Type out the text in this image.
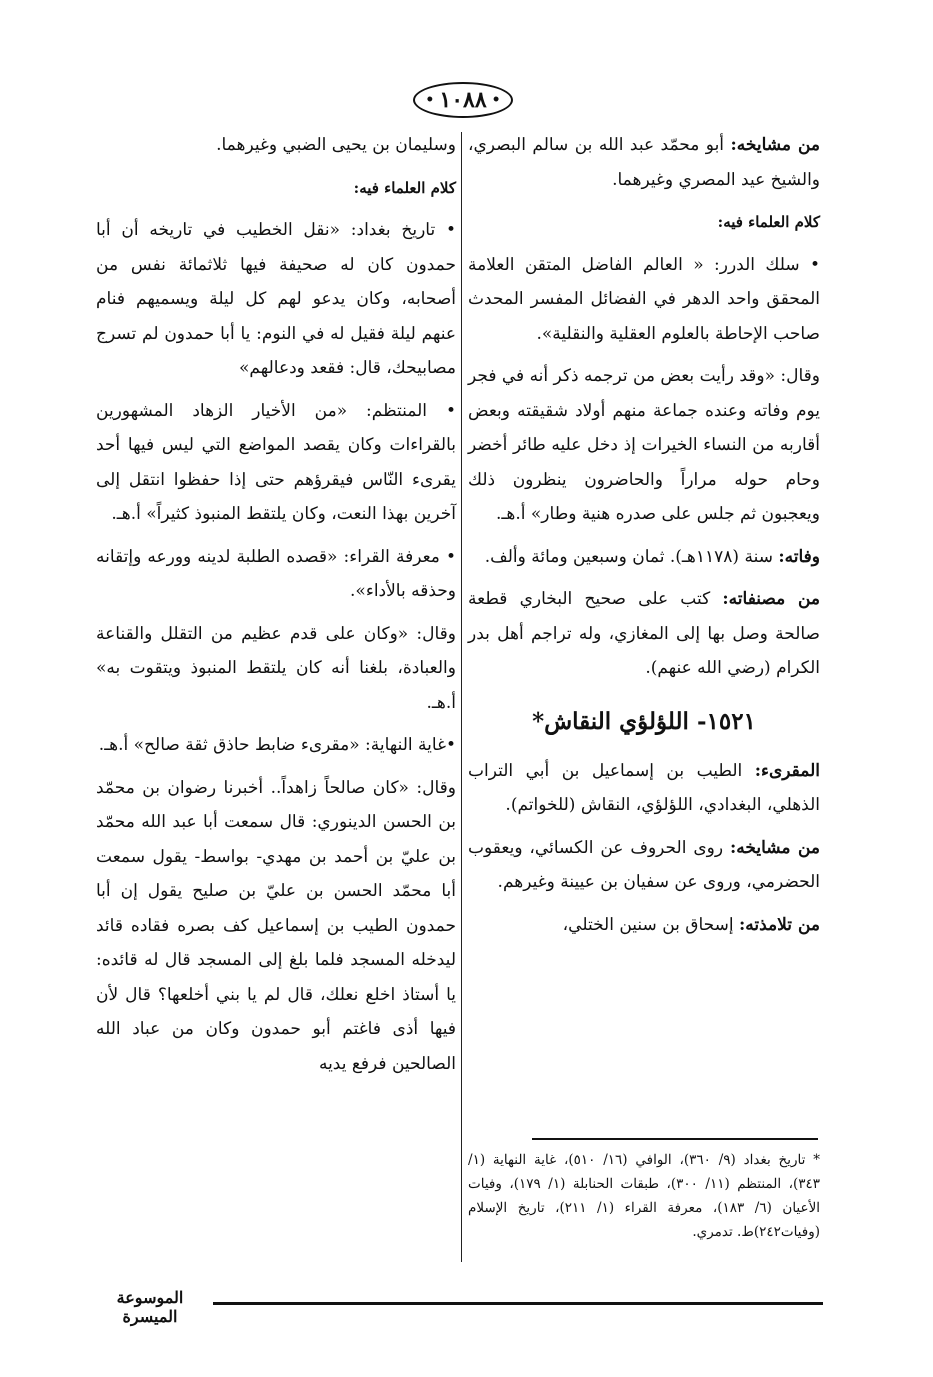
• ١٠٨٨
•

من مشايخه: أبو محمّد عبد الله بن سالم البصري، والشيخ عيد المصري وغيرهما.

كلام العلماء فيه:

• سلك الدرر: « العالم الفاضل المتقن العلامة المحقق واحد الدهر في الفضائل المفسر المحدث صاحب الإحاطة بالعلوم العقلية والنقلية».

وقال: «وقد رأيت بعض من ترجمه ذكر أنه في فجر يوم وفاته وعنده جماعة منهم أولاد شقيقته وبعض أقاربه من النساء الخيرات إذ دخل عليه طائر أخضر وحام حوله مراراً والحاضرون ينظرون ذلك ويعجبون ثم جلس على صدره هنية وطار» أ.هـ.

وفاته: سنة (١١٧٨هـ). ثمان وسبعين ومائة وألف.

من مصنفاته: كتب على صحيح البخاري قطعة صالحة وصل بها إلى المغازي، وله تراجم أهل بدر الكرام (رضي الله عنهم).

١٥٢١- اللؤلؤي النقاش*

المقرىء: الطيب بن إسماعيل بن أبي التراب الذهلي، البغدادي، اللؤلؤي، النقاش (للخواتم).

من مشايخه: روى الحروف عن الكسائي، ويعقوب الحضرمي، وروى عن سفيان بن عيينة وغيرهم.

من تلامذته: إسحاق بن سنين الختلي،

وسليمان بن يحيى الضبي وغيرهما.

كلام العلماء فيه:

• تاريخ بغداد: «نقل الخطيب في تاريخه أن أبا حمدون كان له صحيفة فيها ثلاثمائة نفس من أصحابه، وكان يدعو لهم كل ليلة ويسميهم فنام عنهم ليلة فقيل له في النوم: يا أبا حمدون لم تسرج مصابيحك، قال: فقعد ودعالهم»

• المنتظم: «من الأخيار الزهاد المشهورين بالقراءات وكان يقصد المواضع التي ليس فيها أحد يقرىء النّاس فيقرؤهم حتى إذا حفظوا انتقل إلى آخرين بهذا النعت، وكان يلتقط المنبوذ كثيراً» أ.هـ.

• معرفة القراء: «قصده الطلبة لدينه وورعه وإتقانه وحذقه بالأداء».

وقال: «وكان على قدم عظيم من التقلل والقناعة والعبادة، بلغنا أنه كان يلتقط المنبوذ ويتقوت به» أ.هـ.

•غاية النهاية: «مقرىء ضابط حاذق ثقة صالح» أ.هـ.

وقال: «كان صالحاً زاهداً.. أخبرنا رضوان بن محمّد بن الحسن الدينوري: قال سمعت أبا عبد الله محمّد بن عليّ بن أحمد بن مهدي- بواسط- يقول سمعت أبا محمّد الحسن بن عليّ بن صليح يقول إن أبا حمدون الطيب بن إسماعيل كف بصره فقاده قائد ليدخله المسجد فلما بلغ إلى المسجد قال له قائده: يا أستاذ اخلع نعلك، قال لم يا بني أخلعها؟ قال لأن فيها أذى فاغتم أبو حمدون وكان من عباد الله الصالحين فرفع يديه

* تاريخ بغداد (٩/ ٣٦٠)، الوافي (١٦/ ٥١٠)، غاية النهاية (١/ ٣٤٣)، المنتظم (١١/ ٣٠٠)، طبقات الحنابلة (١/ ١٧٩)، وفيات الأعيان (٦/ ١٨٣)، معرفة القراء (١/ ٢١١)، تاريخ الإسلام (وفيات٢٤٢)ط. تدمري.
الموسوعة الميسرة
